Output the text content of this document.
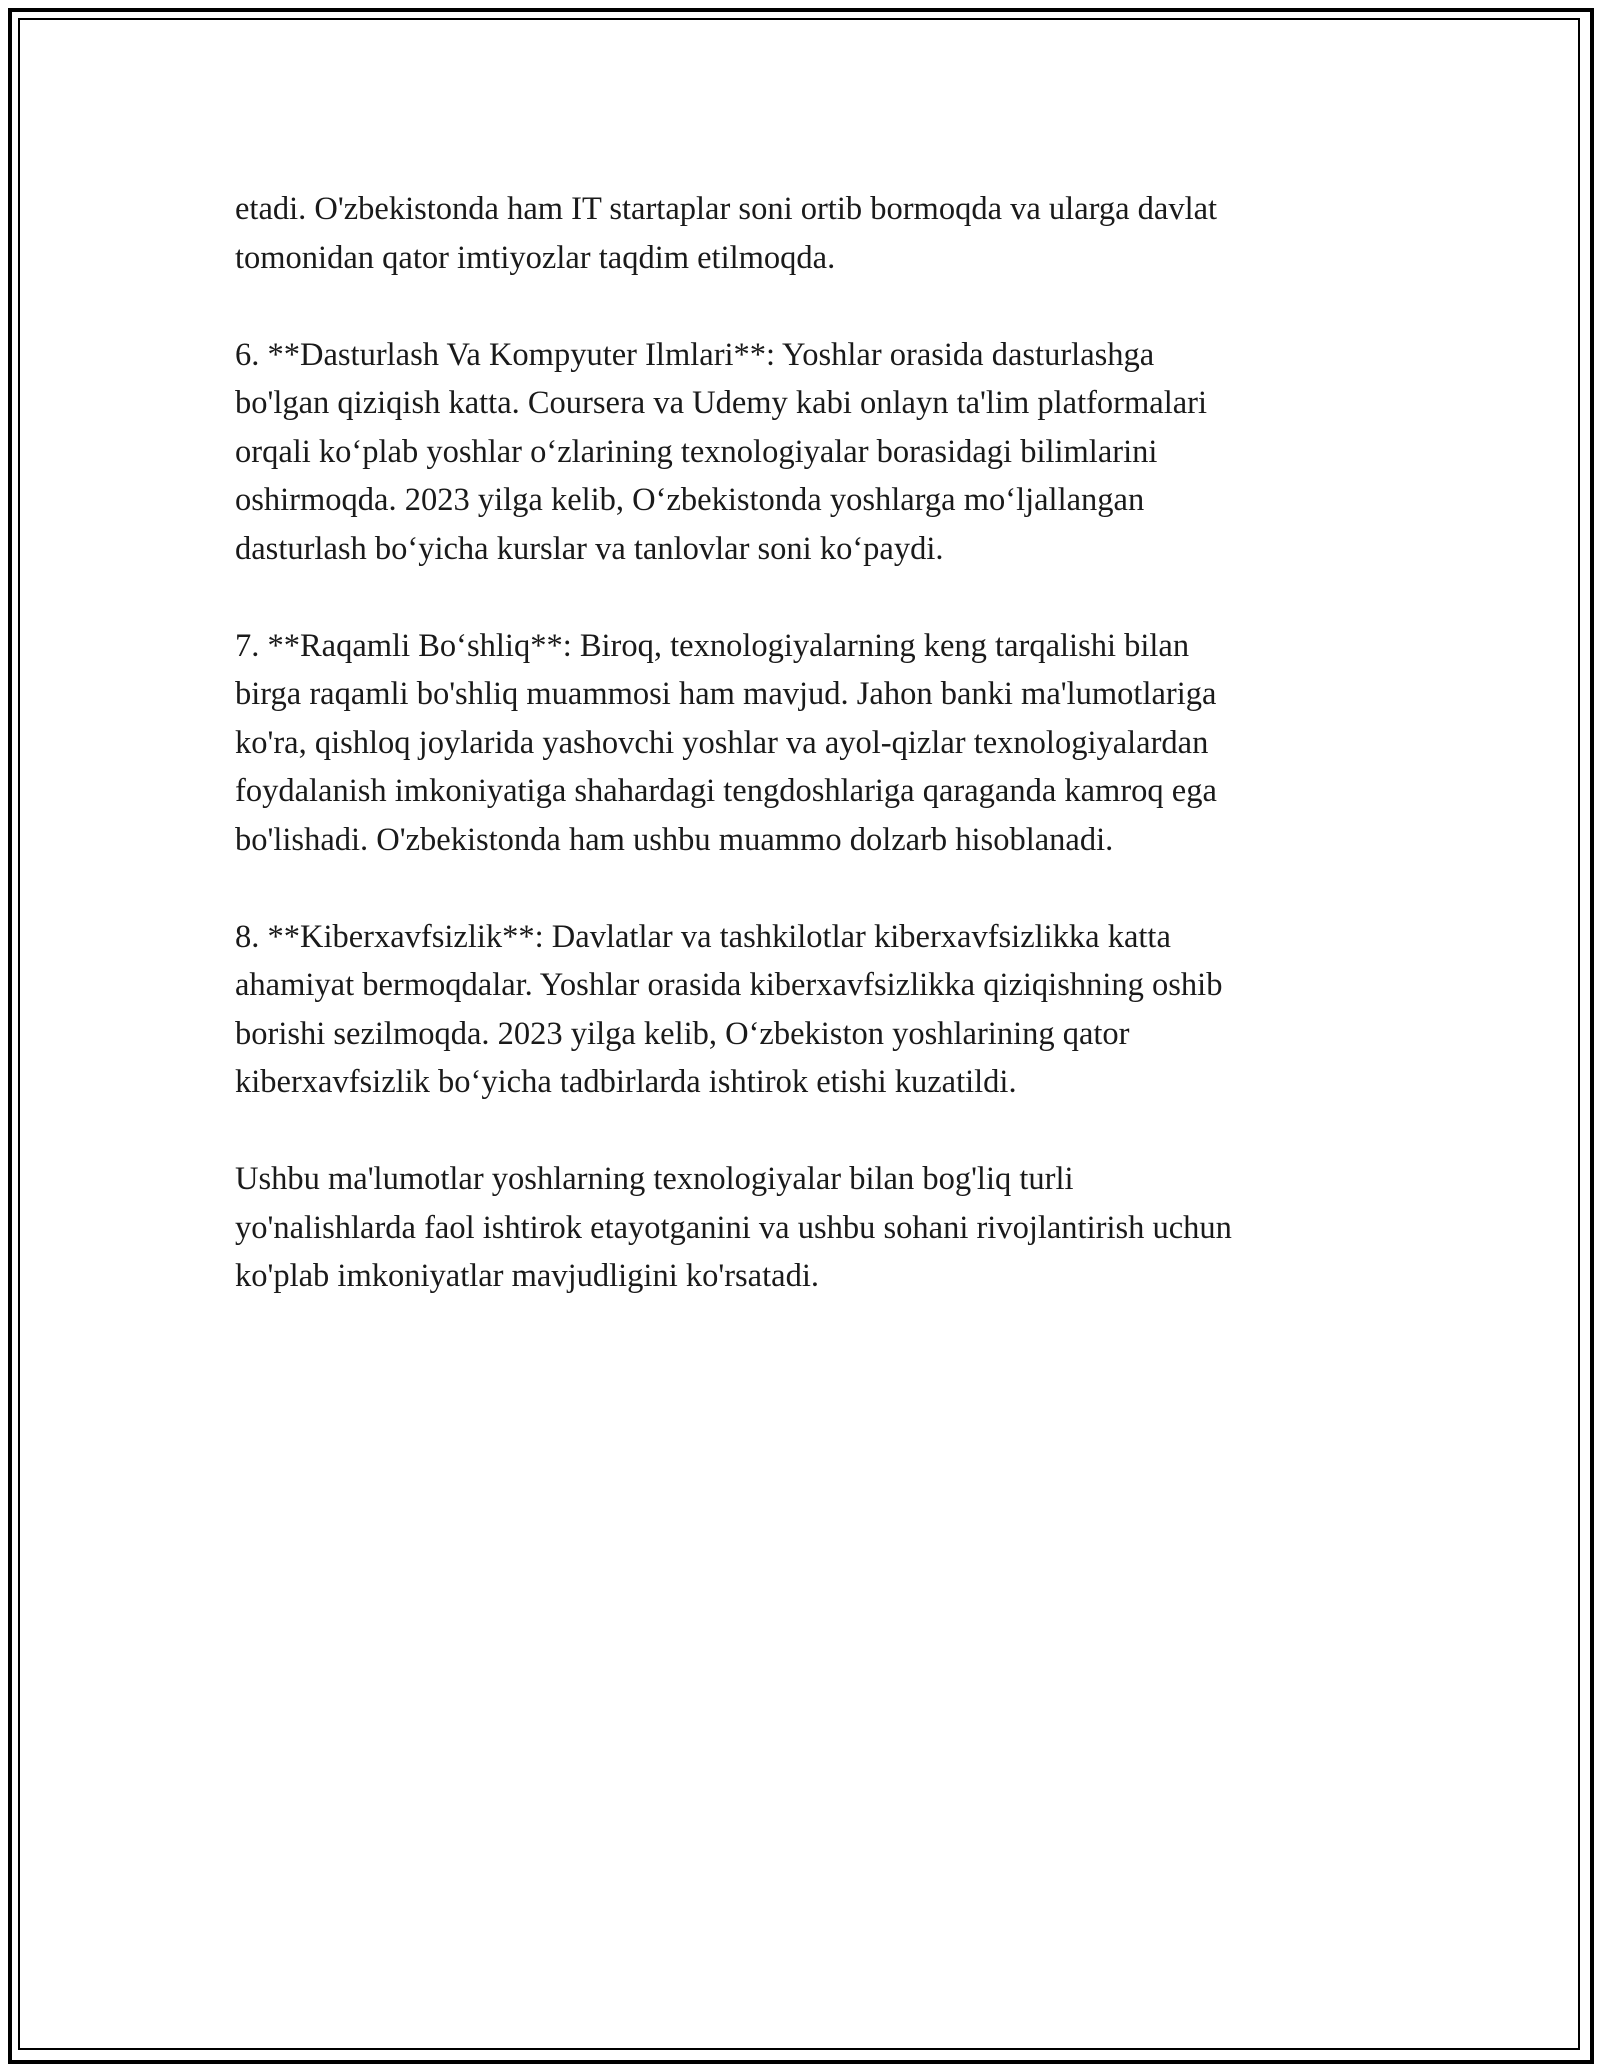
etadi. O'zbekistonda ham IT startaplar soni ortib bormoqda va ularga davlat
tomonidan qator imtiyozlar taqdim etilmoqda.

6. **Dasturlash Va Kompyuter Ilmlari**: Yoshlar orasida dasturlashga
bo'lgan qiziqish katta. Coursera va Udemy kabi onlayn ta'lim platformalari
orqali koʻplab yoshlar oʻzlarining texnologiyalar borasidagi bilimlarini
oshirmoqda. 2023 yilga kelib, Oʻzbekistonda yoshlarga moʻljallangan
dasturlash boʻyicha kurslar va tanlovlar soni koʻpaydi.

7. **Raqamli Boʻshliq**: Biroq, texnologiyalarning keng tarqalishi bilan
birga raqamli bo'shliq muammosi ham mavjud. Jahon banki ma'lumotlariga
ko'ra, qishloq joylarida yashovchi yoshlar va ayol-qizlar texnologiyalardan
foydalanish imkoniyatiga shahardagi tengdoshlariga qaraganda kamroq ega
bo'lishadi. O'zbekistonda ham ushbu muammo dolzarb hisoblanadi.

8. **Kiberxavfsizlik**: Davlatlar va tashkilotlar kiberxavfsizlikka katta
ahamiyat bermoqdalar. Yoshlar orasida kiberxavfsizlikka qiziqishning oshib
borishi sezilmoqda. 2023 yilga kelib, Oʻzbekiston yoshlarining qator
kiberxavfsizlik boʻyicha tadbirlarda ishtirok etishi kuzatildi.

Ushbu ma'lumotlar yoshlarning texnologiyalar bilan bog'liq turli
yo'nalishlarda faol ishtirok etayotganini va ushbu sohani rivojlantirish uchun
ko'plab imkoniyatlar mavjudligini ko'rsatadi.
